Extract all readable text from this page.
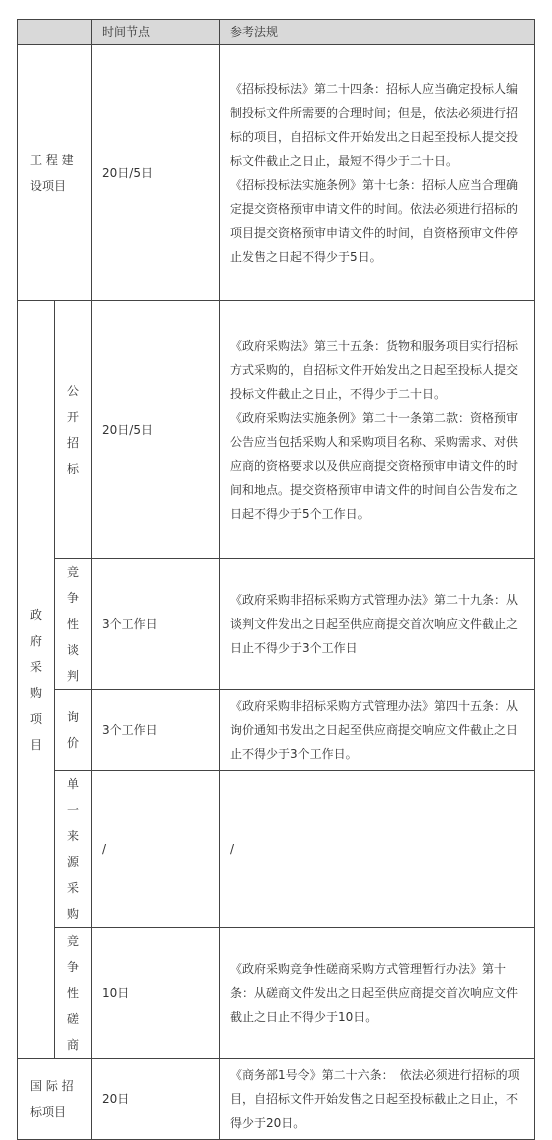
		时间节点	参考法规
工 程 建 设项目		20日/5日	《招标投标法》第二十四条：招标人应当确定投标人编制投标文件所需要的合理时间；但是，依法必须进行招标的项目，自招标文件开始发出之日起至投标人提交投标文件截止之日止，最短不得少于二十日。

《招标投标法实施条例》第十七条：招标人应当合理确定提交资格预审申请文件的时间。依法必须进行招标的项目提交资格预审申请文件的时间，自资格预审文件停止发售之日起不得少于5日。

政府采购项目	公开招标	20日/5日	《政府采购法》第三十五条：货物和服务项目实行招标方式采购的，自招标文件开始发出之日起至投标人提交投标文件截止之日止，不得少于二十日。

《政府采购法实施条例》第二十一条第二款：资格预审公告应当包括采购人和采购项目名称、采购需求、对供应商的资格要求以及供应商提交资格预审申请文件的时间和地点。提交资格预审申请文件的时间自公告发布之日起不得少于5个工作日。

	竞争性谈判	3个工作日	《政府采购非招标采购方式管理办法》第二十九条：从谈判文件发出之日起至供应商提交首次响应文件截止之日止不得少于3个工作日
	询价	3个工作日	《政府采购非招标采购方式管理办法》第四十五条：从询价通知书发出之日起至供应商提交响应文件截止之日止不得少于3个工作日。
	单一来源采购	/	/
	竞争性磋商	10日	《政府采购竞争性磋商采购方式管理暂行办法》第十条：从磋商文件发出之日起至供应商提交首次响应文件截止之日止不得少于10日。
国 际 招 标项目		20日	《商务部1号令》第二十六条：　依法必须进行招标的项目，自招标文件开始发售之日起至投标截止之日止，不得少于20日。
